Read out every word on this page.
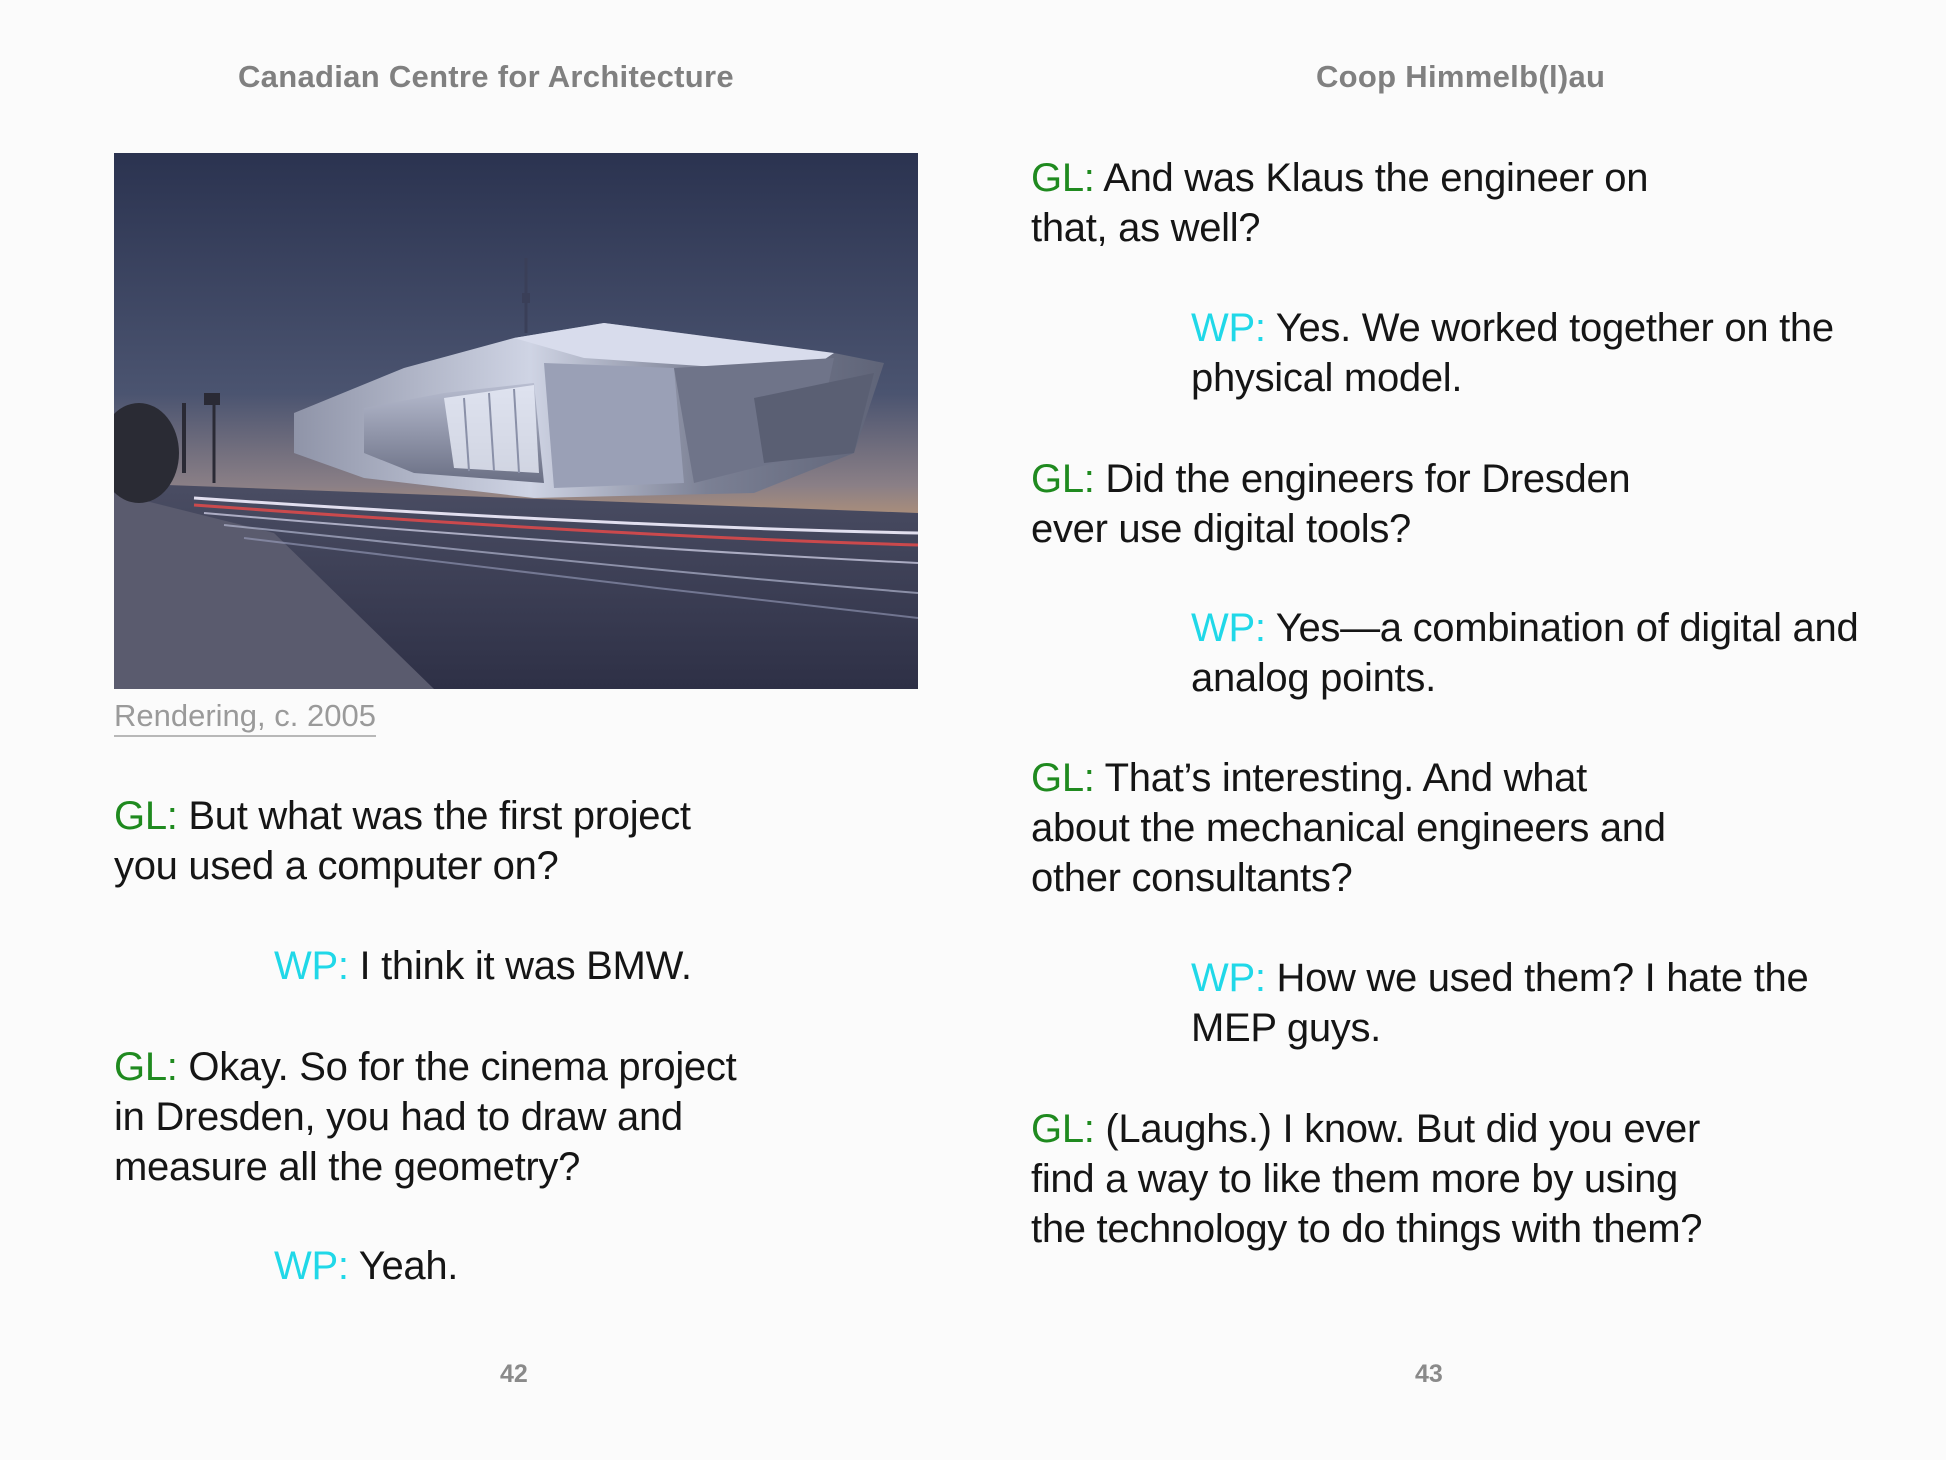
Canadian Centre for Architecture
Rendering, c. 2005

GL: But what was the first project you used a computer on?

WP: I think it was BMW.

GL: Okay. So for the cinema project in Dresden, you had to draw and measure all the geometry?

WP: Yeah.

42
Coop Himmelb(l)au

GL: And was Klaus the engineer on that, as well?

WP: Yes. We worked together on the physical model.

GL: Did the engineers for Dresden ever use digital tools?

WP: Yes—a combination of digital and analog points.

GL: That’s interesting. And what about the mechanical engineers and other consultants?

WP: How we used them? I hate the MEP guys.

GL: (Laughs.) I know. But did you ever find a way to like them more by using the technology to do things with them?

43
